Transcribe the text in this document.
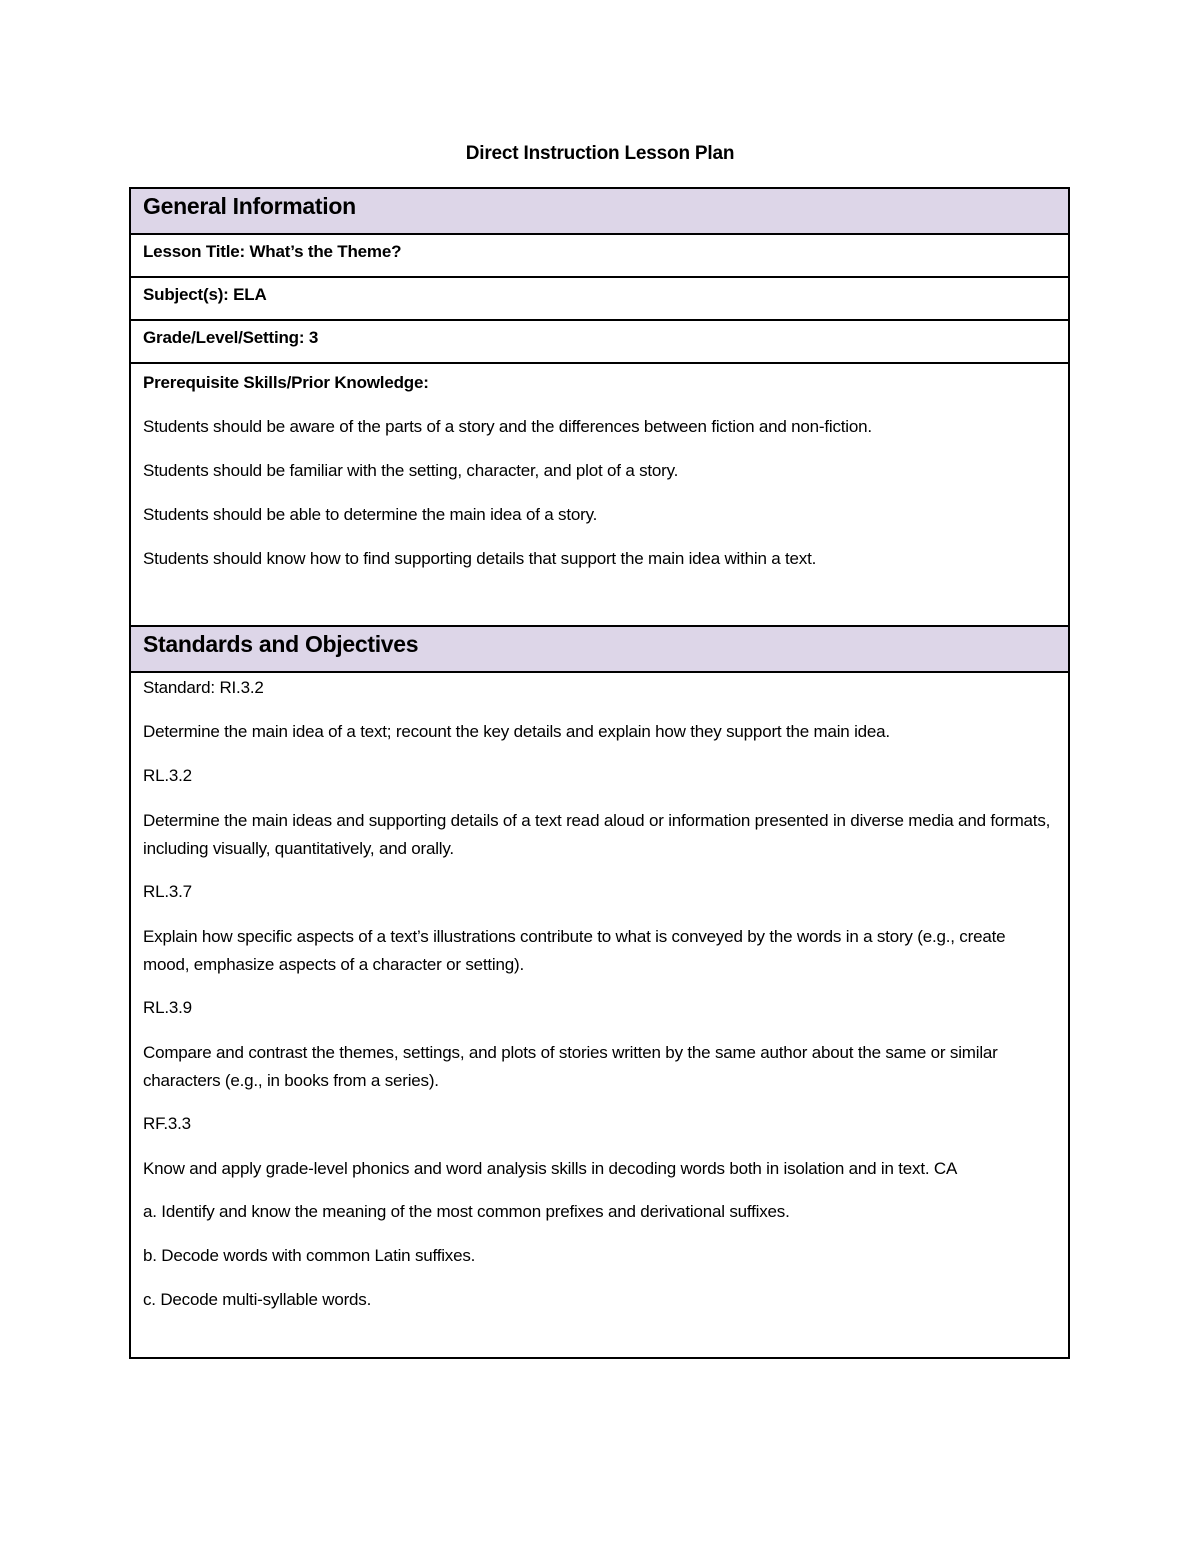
Direct Instruction Lesson Plan
General Information
Lesson Title: What’s the Theme?
Subject(s): ELA
Grade/Level/Setting: 3

Prerequisite Skills/Prior Knowledge:

Students should be aware of the parts of a story and the differences between fiction and non-fiction.

Students should be familiar with the setting, character, and plot of a story.

Students should be able to determine the main idea of a story.

Students should know how to find supporting details that support the main idea within a text.

Standards and Objectives

Standard: RI.3.2

Determine the main idea of a text; recount the key details and explain how they support the main idea.

RL.3.2

Determine the main ideas and supporting details of a text read aloud or information presented in diverse media and formats, including visually, quantitatively, and orally.

RL.3.7

Explain how specific aspects of a text’s illustrations contribute to what is conveyed by the words in a story (e.g., create mood, emphasize aspects of a character or setting).

RL.3.9

Compare and contrast the themes, settings, and plots of stories written by the same author about the same or similar characters (e.g., in books from a series).

RF.3.3

Know and apply grade-level phonics and word analysis skills in decoding words both in isolation and in text. CA

a. Identify and know the meaning of the most common prefixes and derivational suffixes.

b. Decode words with common Latin suffixes.

c. Decode multi-syllable words.
